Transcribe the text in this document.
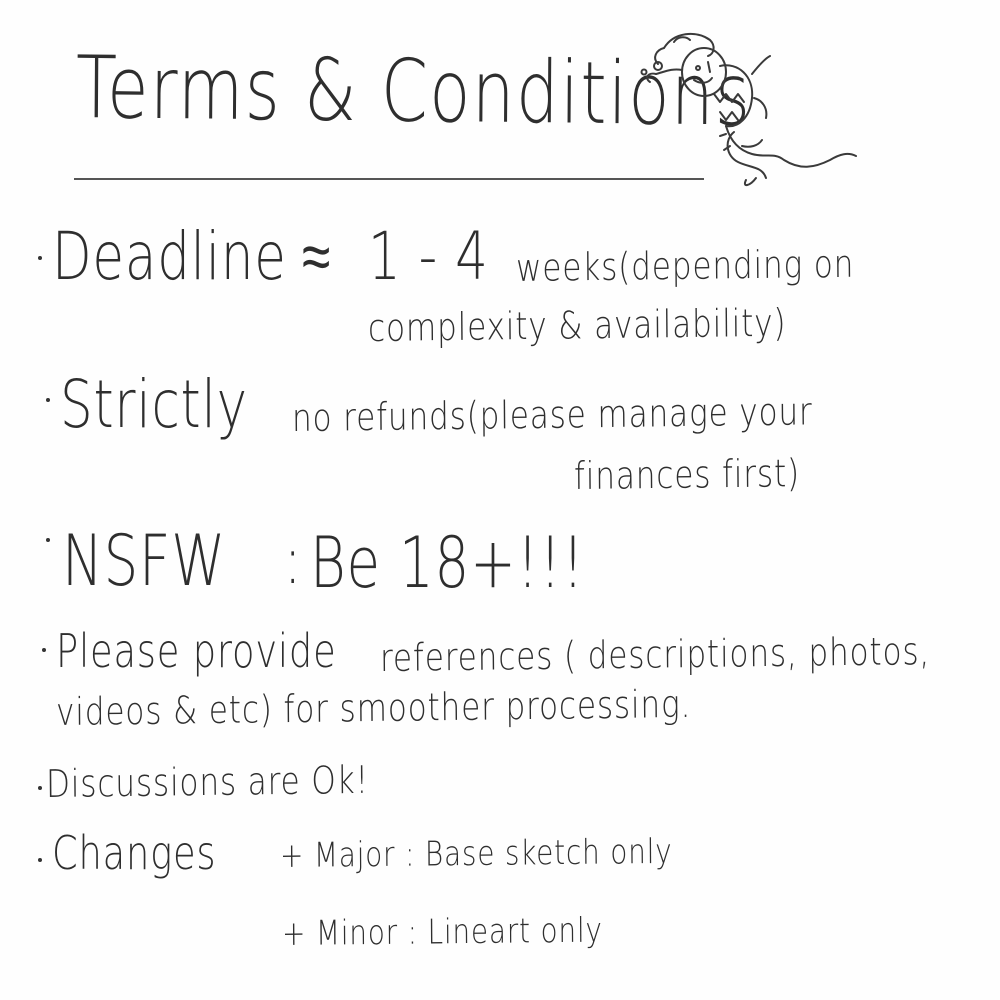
Terms & Conditions
Deadline ≈ 1 - 4 weeks(depending on
complexity & availability)
Strictly no refunds(please manage your
finances first)
NSFW : Be 18+!!!
Please provide references ( descriptions, photos,
videos & etc) for smoother processing.
Discussions are Ok!
Changes + Major : Base sketch only
+ Minor : Lineart only
